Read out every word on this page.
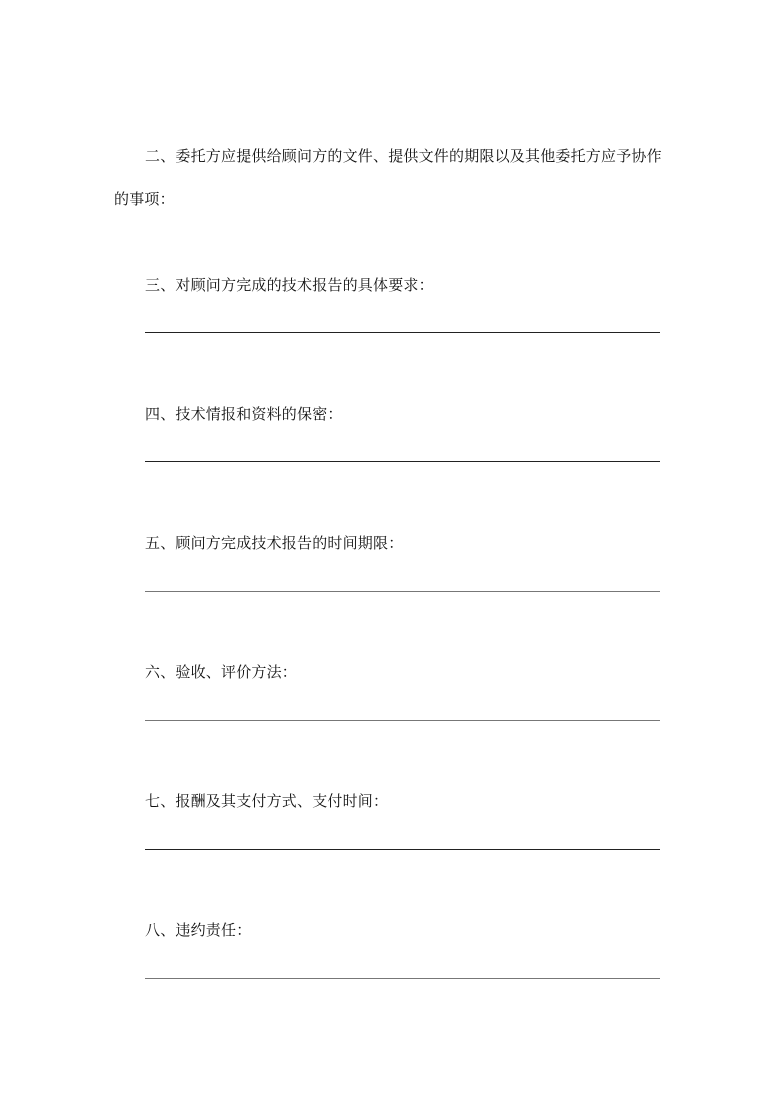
二、委托方应提供给顾问方的文件、提供文件的期限以及其他委托方应予协作
的事项：
三、对顾问方完成的技术报告的具体要求：
四、技术情报和资料的保密：
五、顾问方完成技术报告的时间期限：
六、验收、评价方法：
七、报酬及其支付方式、支付时间：
八、违约责任：
